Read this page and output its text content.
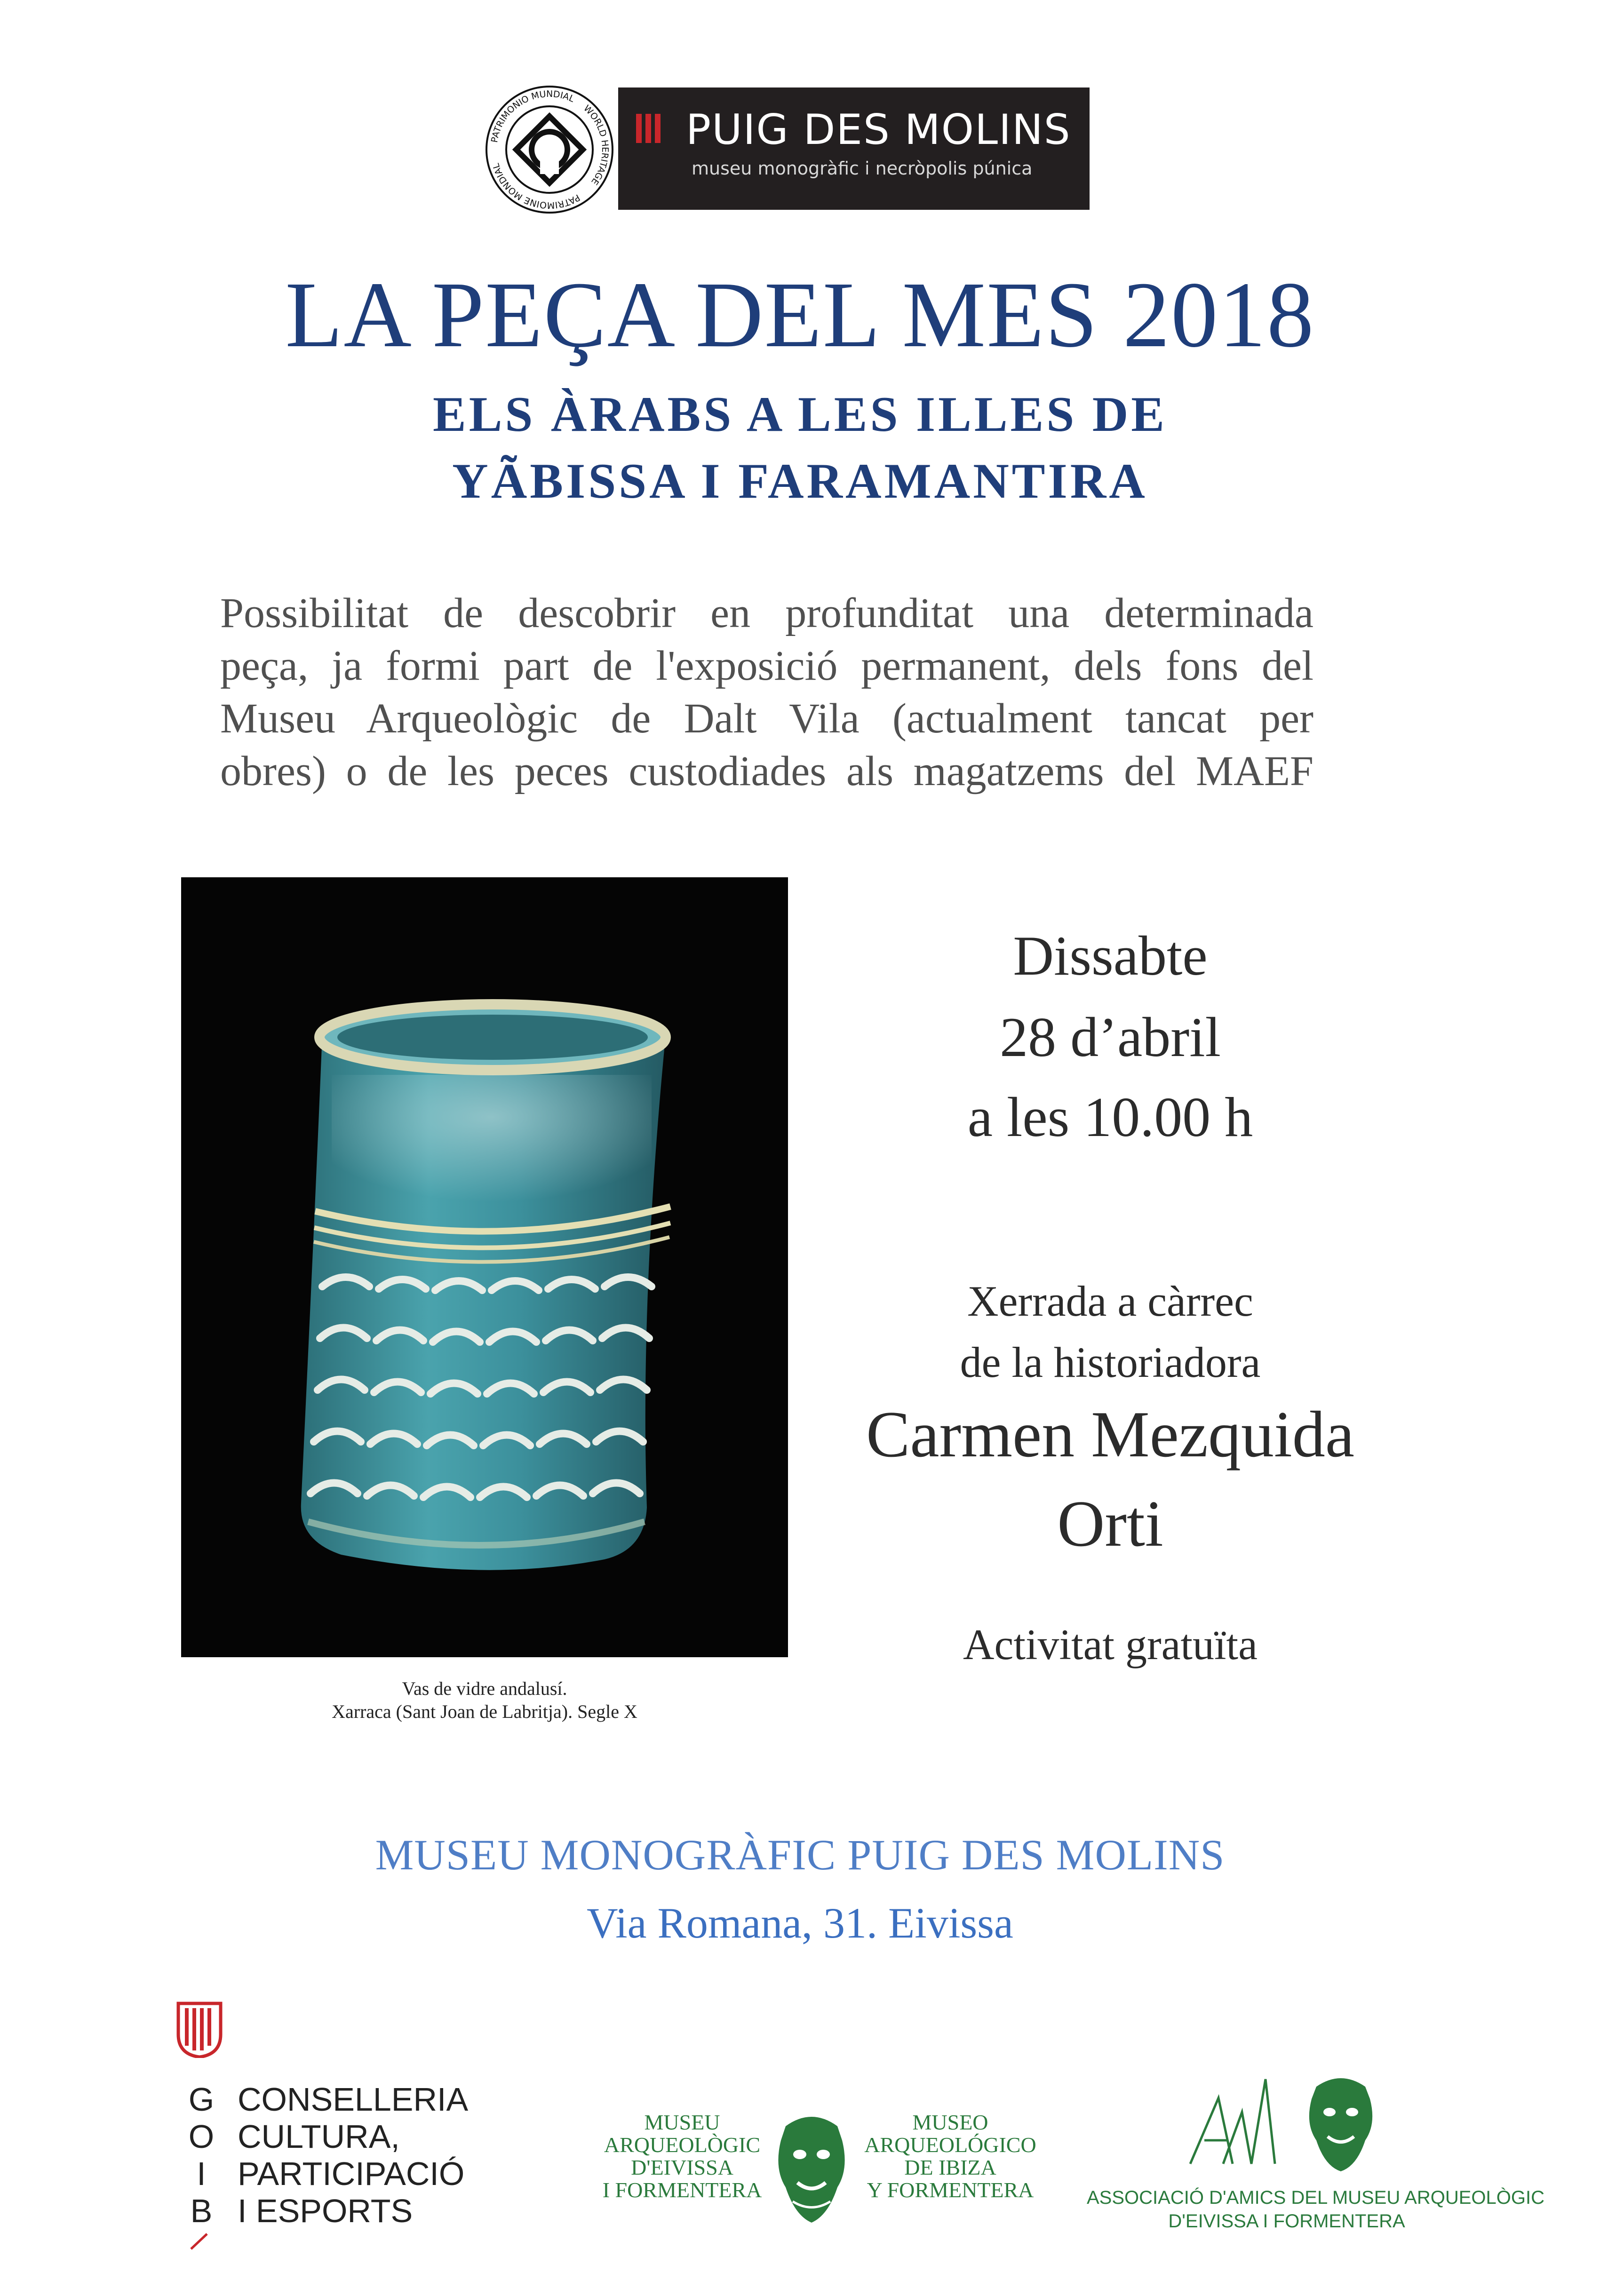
PATRIMONIO MUNDIAL
WORLD HERITAGE
PATRIMOINE MONDIAL
PUIG DES MOLINS
museu monogràfic i necròpolis púnica
LA PEÇA DEL MES 2018
ELS ÀRABS A LES ILLES DE
YÃBISSA I FARAMANTIRA
Possibilitat de descobrir en profunditat una determinada
peça, ja formi part de l'exposició permanent, dels fons del
Museu Arqueològic de Dalt Vila (actualment tancat per
obres) o de les peces custodiades als magatzems del MAEF
Vas de vidre andalusí.
Xarraca (Sant Joan de Labritja). Segle X
Dissabte
28 d’abril
a les 10.00 h
Xerrada a càrrec
de la historiadora
Carmen Mezquida
Orti
Activitat gratuïta
MUSEU MONOGRÀFIC PUIG DES MOLINS
Via Romana, 31. Eivissa
G
O
I
B
CONSELLERIA
CULTURA,
PARTICIPACIÓ
I ESPORTS
MUSEU
ARQUEOLÒGIC
D'EIVISSA
I FORMENTERA
MUSEO
ARQUEOLÓGICO
DE IBIZA
Y FORMENTERA	ASSOCIACIÓ D'AMICS DEL MUSEU ARQUEOLÒGIC
D'EIVISSA I FORMENTERA
